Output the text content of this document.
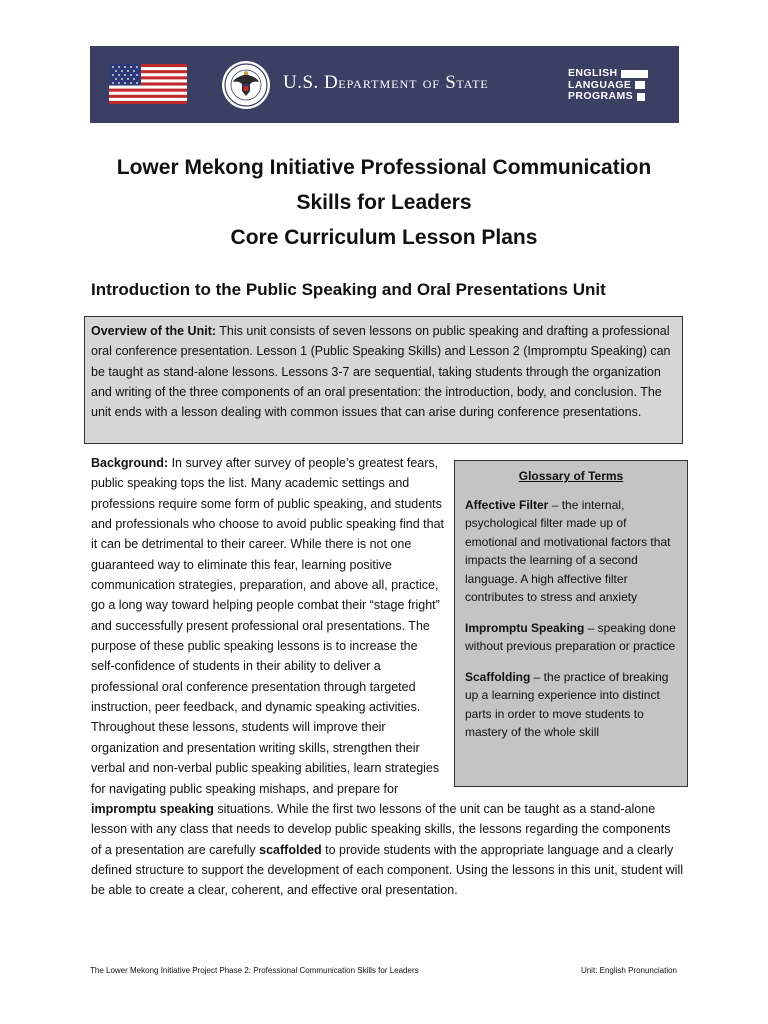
U.S. DEPARTMENT OF STATE
ENGLISH
LANGUAGE
PROGRAMS
Lower Mekong Initiative Professional Communication
Skills for Leaders
Core Curriculum Lesson Plans
Introduction to the Public Speaking and Oral Presentations Unit
Overview of the Unit: This unit consists of seven lessons on public speaking and drafting a professional oral conference presentation. Lesson 1 (Public Speaking Skills) and Lesson 2 (Impromptu Speaking) can be taught as stand-alone lessons. Lessons 3-7 are sequential, taking students through the organization and writing of the three components of an oral presentation: the introduction, body, and conclusion. The unit ends with a lesson dealing with common issues that can arise during conference presentations.
Glossary of Terms
Affective Filter – the internal, psychological filter made up of emotional and motivational factors that impacts the learning of a second language. A high affective filter contributes to stress and anxiety
Impromptu Speaking – speaking done without previous preparation or practice
Scaffolding – the practice of breaking up a learning experience into distinct parts in order to move students to mastery of the whole skill
Background: In survey after survey of people’s greatest fears, public speaking tops the list. Many academic settings and professions require some form of public speaking, and students and professionals who choose to avoid public speaking find that it can be detrimental to their career. While there is not one guaranteed way to eliminate this fear, learning positive communication strategies, preparation, and above all, practice, go a long way toward helping people combat their “stage fright” and successfully present professional oral presentations. The purpose of these public speaking lessons is to increase the self-confidence of students in their ability to deliver a professional oral conference presentation through targeted instruction, peer feedback, and dynamic speaking activities. Throughout these lessons, students will improve their organization and presentation writing skills, strengthen their verbal and non-verbal public speaking abilities, learn strategies for navigating public speaking mishaps, and prepare for impromptu speaking situations. While the first two lessons of the unit can be taught as a stand-alone lesson with any class that needs to develop public speaking skills, the lessons regarding the components of a presentation are carefully scaffolded to provide students with the appropriate language and a clearly defined structure to support the development of each component. Using the lessons in this unit, student will be able to create a clear, coherent, and effective oral presentation.
The Lower Mekong Initiative Project Phase 2: Professional Communication Skills for Leaders	Unit: English Pronunciation
